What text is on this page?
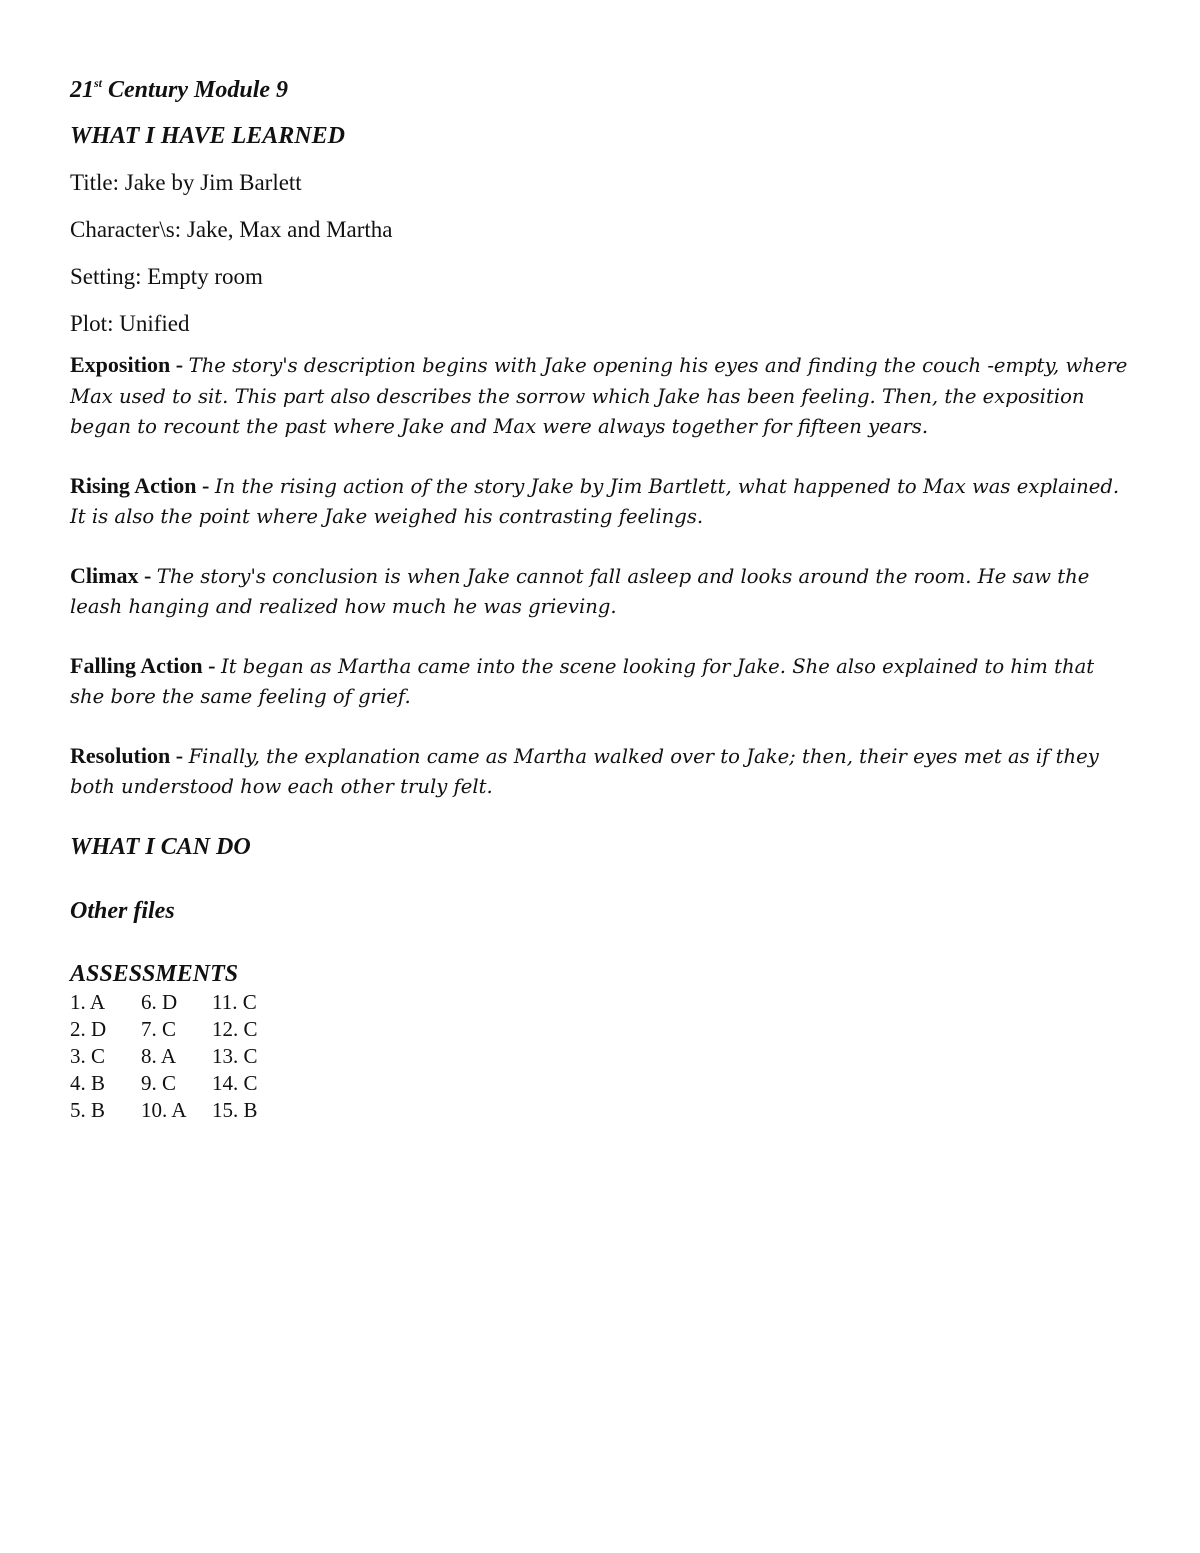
21st Century Module 9
WHAT I HAVE LEARNED

Title: Jake by Jim Barlett

Character\s: Jake, Max and Martha

Setting: Empty room

Plot: Unified

Exposition - The story's description begins with Jake opening his eyes and finding the couch -empty, where Max used to sit. This part also describes the sorrow which Jake has been feeling. Then, the exposition began to recount the past where Jake and Max were always together for fifteen years.

Rising Action - In the rising action of the story Jake by Jim Bartlett, what happened to Max was explained. It is also the point where Jake weighed his contrasting feelings.

Climax - The story's conclusion is when Jake cannot fall asleep and looks around the room. He saw the leash hanging and realized how much he was grieving.

Falling Action - It began as Martha came into the scene looking for Jake. She also explained to him that she bore the same feeling of grief.

Resolution - Finally, the explanation came as Martha walked over to Jake; then, their eyes met as if they both understood how each other truly felt.

WHAT I CAN DO
Other files
ASSESSMENTS
1. A	6. D	11. C
2. D	7. C	12. C
3. C	8. A	13. C
4. B	9. C	14. C
5. B	10. A	15. B
